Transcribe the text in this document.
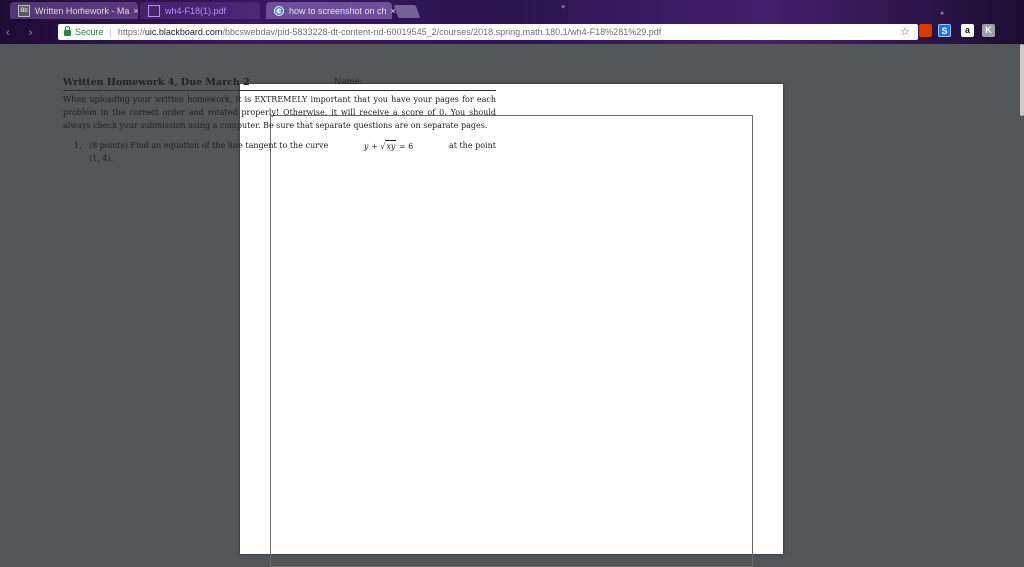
Bb Written Homework - Ma ×	wh4-F18(1).pdf	how to screenshot on ch ×
‹ ›	Secure | https:// uic.blackboard.com /bbcswebdav/pid-5833228-dt-content-rid-60019545_2/courses/2018.spring.math.180.1/wh4-F18%281%29.pdf	☆	S	a	K
Written Homework 4, Due March 2	Name:
When uploading your written homework, it is EXTREMELY important that you have your pages for each problem in the correct order and rotated properly! Otherwise, it will receive a score of 0. You should always check your submission using a computer. Be sure that separate questions are on separate pages.
1. (8 points) Find an equation of the line tangent to the curve	y + √xy = 6	at the point
(1, 4).
